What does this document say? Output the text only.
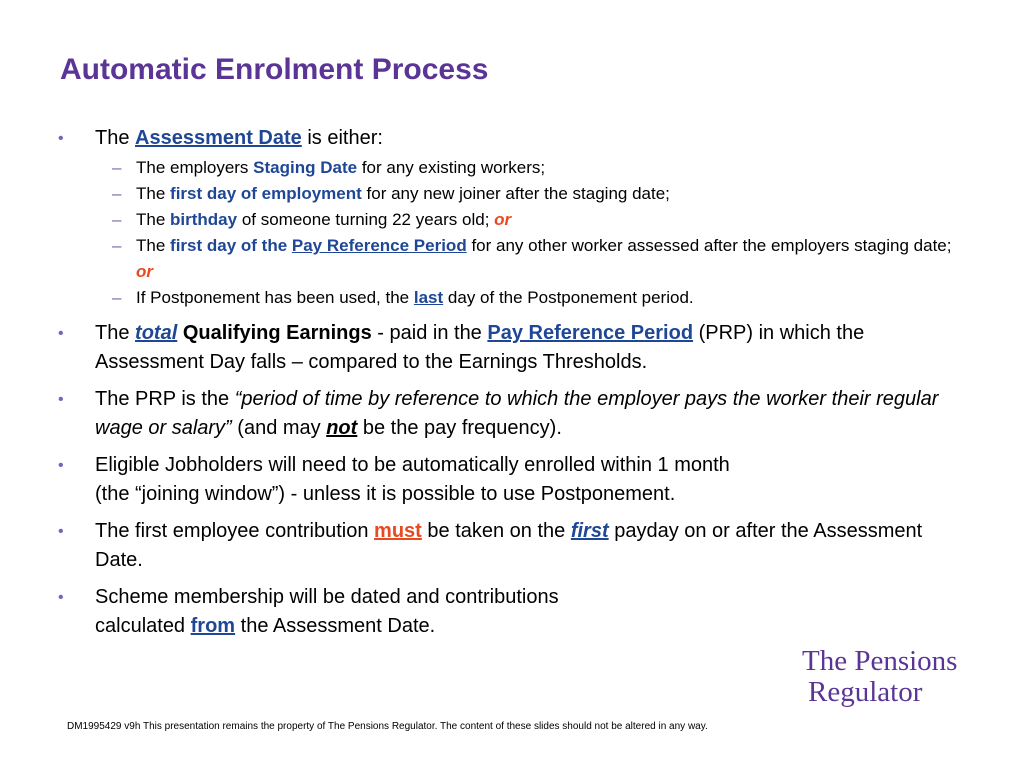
Automatic Enrolment Process
• The Assessment Date is either:
– The employers Staging Date for any existing workers;
– The first day of employment for any new joiner after the staging date;
– The birthday of someone turning 22 years old; or
– The first day of the Pay Reference Period for any other worker assessed after the employers staging date; or
– If Postponement has been used, the last day of the Postponement period.
• The total Qualifying Earnings - paid in the Pay Reference Period (PRP) in which the Assessment Day falls – compared to the Earnings Thresholds.
• The PRP is the “period of time by reference to which the employer pays the worker their regular wage or salary” (and may not be the pay frequency).
• Eligible Jobholders will need to be automatically enrolled within 1 month
(the “joining window”) - unless it is possible to use Postponement.
• The first employee contribution must be taken on the first payday on or after the Assessment Date.
• Scheme membership will be dated and contributions
calculated from the Assessment Date.
The Pensions
Regulator
DM1995429 v9h This presentation remains the property of The Pensions Regulator. The content of these slides should not be altered in any way.
